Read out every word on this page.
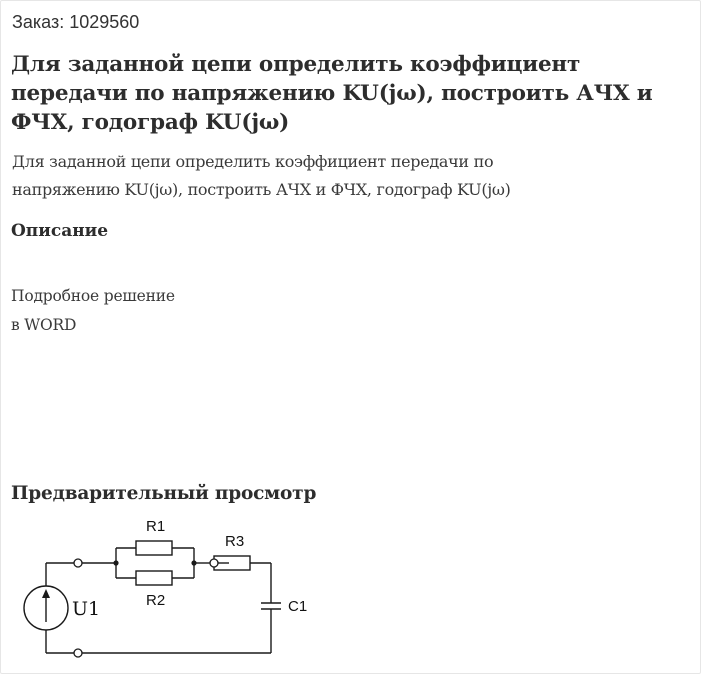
Заказ: 1029560
Для заданной цепи определить коэффициент
передачи по напряжению KU(jω), построить АЧХ и
ФЧХ, годограф KU(jω)
Для заданной цепи определить коэффициент передачи по
напряжению KU(jω), построить АЧХ и ФЧХ, годограф KU(jω)
Описание
Подробное решение
в WORD
Предварительный просмотр
R1
R2
R3
C1
U1
